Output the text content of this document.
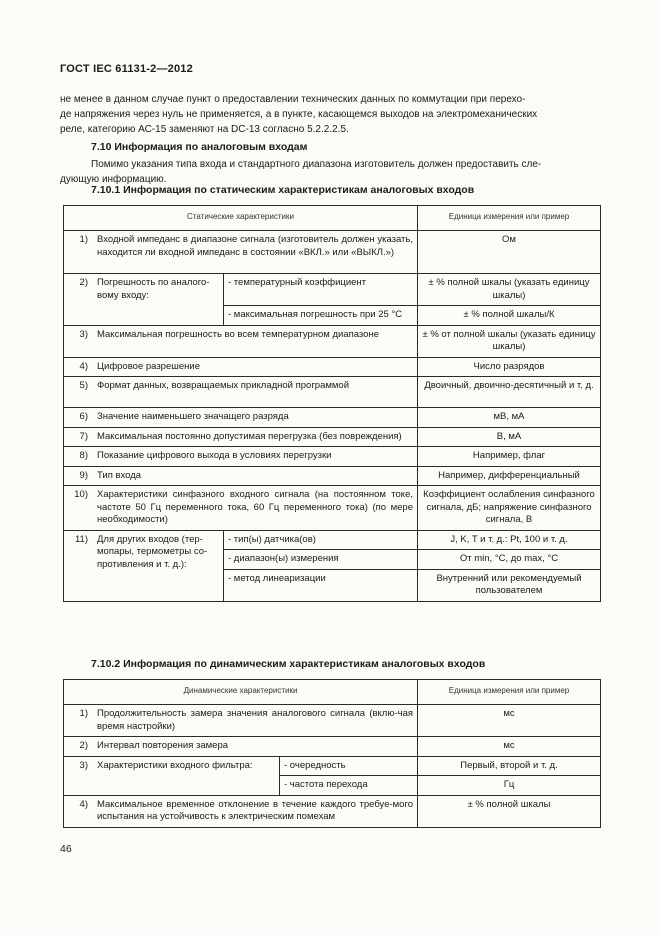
ГОСТ IEC 61131-2—2012
не менее в данном случае пункт о предоставлении технических данных по коммутации при перехо-
де напряжения через нуль не применяется, а в пункте, касающемся выходов на электромеханических
реле, категорию АС-15 заменяют на DC-13 согласно 5.2.2.2.5.
7.10 Информация по аналоговым входам
Помимо указания типа входа и стандартного диапазона изготовитель должен предоставить сле-
дующую информацию.
7.10.1 Информация по статическим характеристикам аналоговых входов
Статические характеристики			Единица измерения или пример
1)	Входной импеданс в диапазоне сигнала (изготовитель должен указать, находится ли входной импеданс в состоянии «ВКЛ.» или «ВЫКЛ.»)		Ом
2)	Погрешность по аналого-вому входу:	- температурный коэффициент	± % полной шкалы (указать единицу шкалы)
		- максимальная погрешность при 25 °С	± % полной шкалы/К
3)	Максимальная погрешность во всем температурном диапазоне		± % от полной шкалы (указать единицу шкалы)
4)	Цифровое разрешение		Число разрядов
5)	Формат данных, возвращаемых прикладной программой		Двоичный, двоично-десятичный и т. д.
6)	Значение наименьшего значащего разряда		мВ, мА
7)	Максимальная постоянно допустимая перегрузка (без повреждения)		В, мА
8)	Показание цифрового выхода в условиях перегрузки		Например, флаг
9)	Тип входа		Например, дифференциальный
10)	Характеристики синфазного входного сигнала (на постоянном токе, частоте 50 Гц переменного тока, 60 Гц переменного тока) (по мере необходимости)		Коэффициент ослабления синфазного сигнала, дБ; напряжение синфазного сигнала, В
11)	Для других входов (тер-мопары, термометры со-противления и т. д.):	- тип(ы) датчика(ов)	J, K, T и т. д.: Pt, 100 и т. д.
		- диапазон(ы) измерения	От min, °С, до max, °С
		- метод линеаризации	Внутренний или рекомендуемый пользователем
7.10.2 Информация по динамическим характеристикам аналоговых входов
Динамические характеристики			Единица измерения или пример
1)	Продолжительность замера значения аналогового сигнала (вклю-чая время настройки)		мс
2)	Интервал повторения замера		мс
3)	Характеристики входного фильтра:	- очередность	Первый, второй и т. д.
		- частота перехода	Гц
4)	Максимальное временное отклонение в течение каждого требуе-мого испытания на устойчивость к электрическим помехам		± % полной шкалы
46
